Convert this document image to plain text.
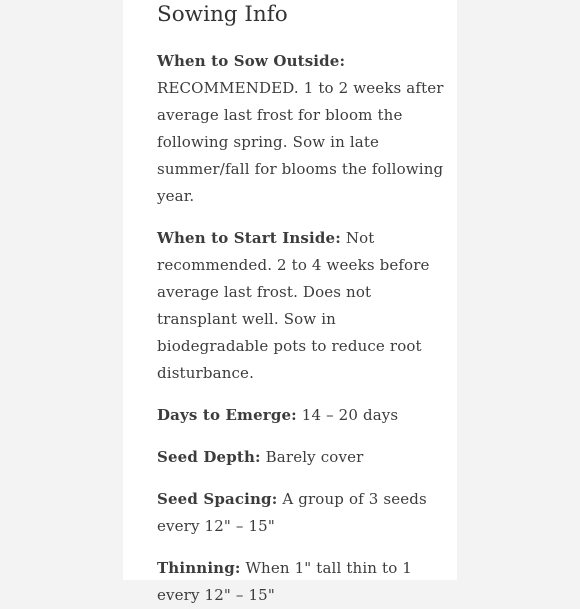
Sowing Info

When to Sow Outside: RECOMMENDED. 1 to 2 weeks after average last frost for bloom the following spring. Sow in late summer/fall for blooms the following year.

When to Start Inside: Not recommended. 2 to 4 weeks before average last frost. Does not transplant well. Sow in biodegradable pots to reduce root disturbance.

Days to Emerge: 14 – 20 days

Seed Depth: Barely cover

Seed Spacing: A group of 3 seeds every 12" – 15"

Thinning: When 1" tall thin to 1 every 12" – 15"
